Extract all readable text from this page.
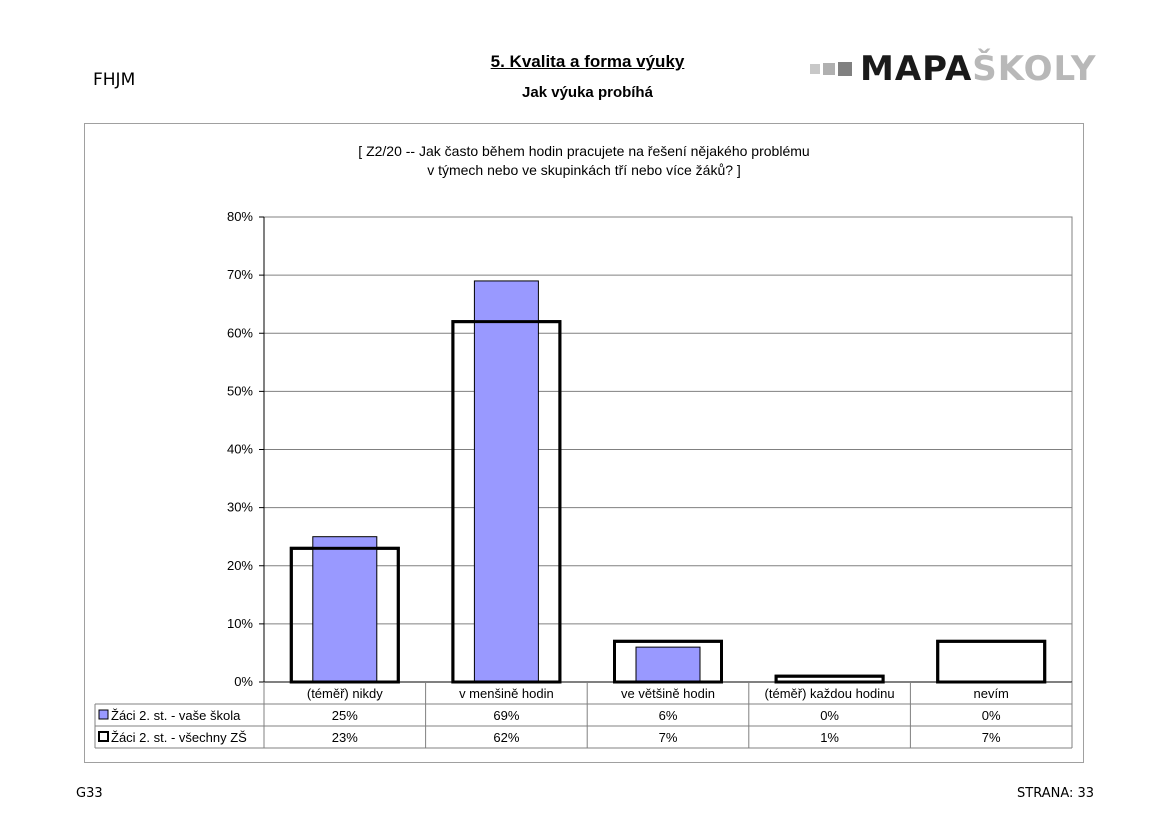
FHJM
5. Kvalita a forma výuky
Jak výuka probíhá
MAPA ŠKOLY
[ Z2/20 -- Jak často během hodin pracujete na řešení nějakého problému
v týmech nebo ve skupinkách tří nebo více žáků? ]
0%
10%
20%
30%
40%
50%
60%
70%
80%
(téměř) nikdy	v menšině hodin	ve většině hodin	(téměř) každou hodinu	nevím
Žáci 2. st. - vaše škola	25%	69%	6%	0%	0%
Žáci 2. st. - všechny ZŠ	23%	62%	7%	1%	7%
G33	STRANA: 33
